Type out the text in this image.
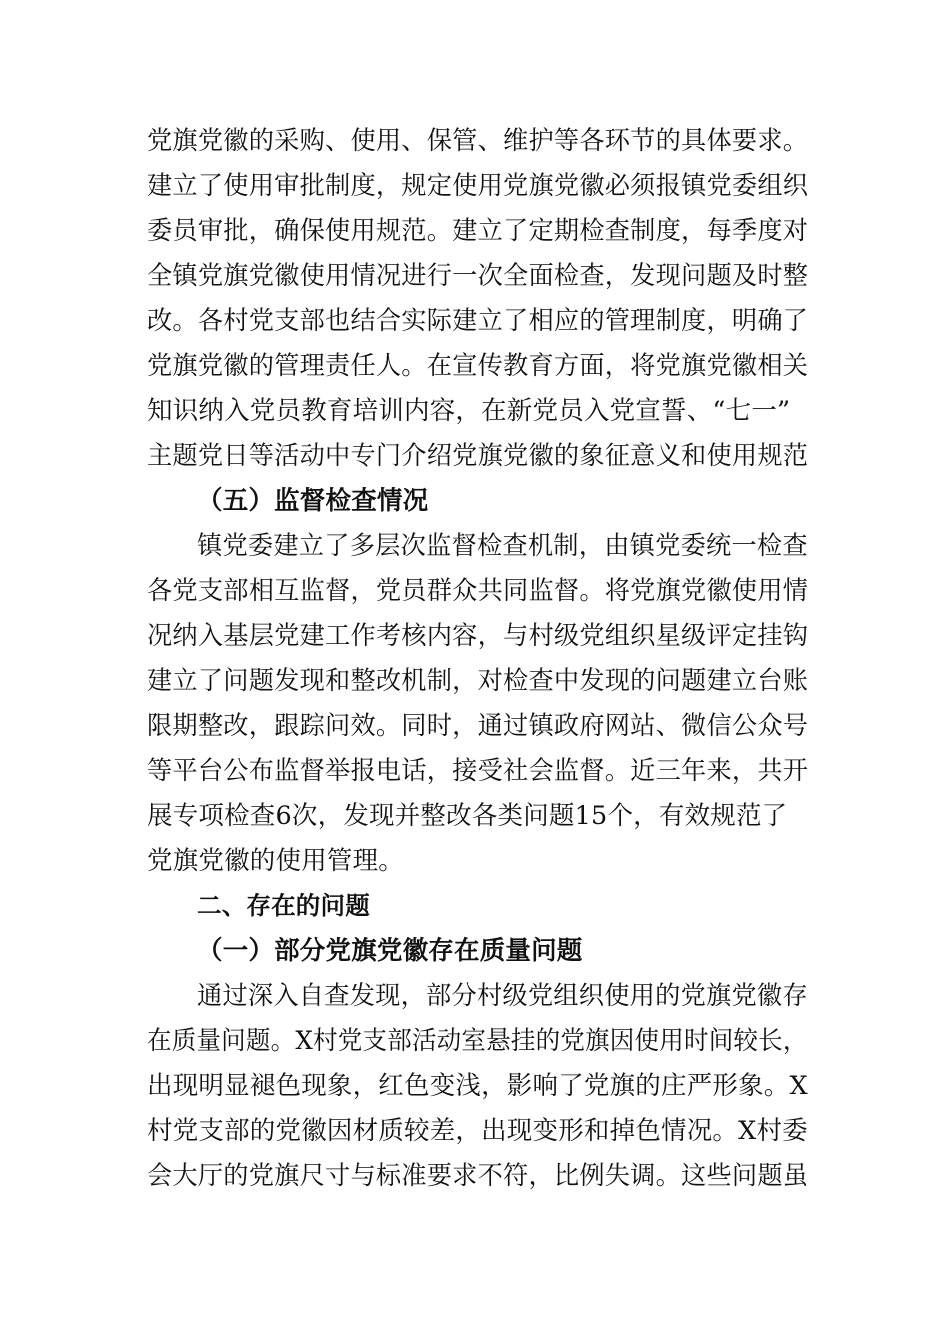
党旗党徽的采购、使用、保管、维护等各环节的具体要求。
建立了使用审批制度，规定使用党旗党徽必须报镇党委组织
委员审批，确保使用规范。建立了定期检查制度，每季度对
全镇党旗党徽使用情况进行一次全面检查，发现问题及时整
改。各村党支部也结合实际建立了相应的管理制度，明确了
党旗党徽的管理责任人。在宣传教育方面，将党旗党徽相关
知识纳入党员教育培训内容，在新党员入党宣誓、“七一”
主题党日等活动中专门介绍党旗党徽的象征意义和使用规范
（五）监督检查情况
镇党委建立了多层次监督检查机制，由镇党委统一检查
各党支部相互监督，党员群众共同监督。将党旗党徽使用情
况纳入基层党建工作考核内容，与村级党组织星级评定挂钩
建立了问题发现和整改机制，对检查中发现的问题建立台账
限期整改，跟踪问效。同时，通过镇政府网站、微信公众号
等平台公布监督举报电话，接受社会监督。近三年来，共开
展专项检查6次，发现并整改各类问题15个，有效规范了
党旗党徽的使用管理。
二、存在的问题
（一）部分党旗党徽存在质量问题
通过深入自查发现，部分村级党组织使用的党旗党徽存
在质量问题。X村党支部活动室悬挂的党旗因使用时间较长，
出现明显褪色现象，红色变浅，影响了党旗的庄严形象。X
村党支部的党徽因材质较差，出现变形和掉色情况。X村委
会大厅的党旗尺寸与标准要求不符，比例失调。这些问题虽
